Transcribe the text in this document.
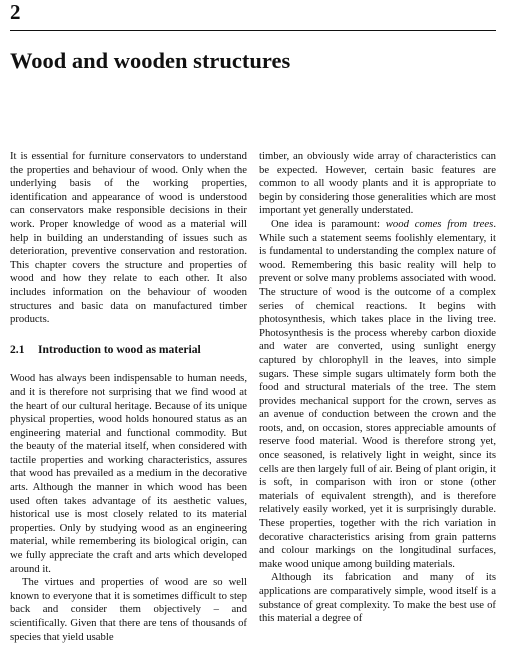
2
Wood and wooden structures

It is essential for furniture conservators to understand the properties and behaviour of wood. Only when the underlying basis of the working properties, identification and appearance of wood is understood can conservators make responsible decisions in their work. Proper knowledge of wood as a material will help in building an understanding of issues such as deterioration, preventive conservation and restoration. This chapter covers the structure and properties of wood and how they relate to each other. It also includes information on the behaviour of wooden structures and basic data on manufactured timber products.

2.1 Introduction to wood as material

Wood has always been indispensable to human needs, and it is therefore not surprising that we find wood at the heart of our cultural heritage. Because of its unique physical properties, wood holds honoured status as an engineering material and functional commodity. But the beauty of the material itself, when considered with tactile properties and working characteristics, assures that wood has prevailed as a medium in the decorative arts. Although the manner in which wood has been used often takes advantage of its aesthetic values, historical use is most closely related to its material properties. Only by studying wood as an engineering material, while remembering its biological origin, can we fully appreciate the craft and arts which developed around it.

The virtues and properties of wood are so well known to everyone that it is sometimes difficult to step back and consider them objectively – and scientifically. Given that there are tens of thousands of species that yield usable

timber, an obviously wide array of characteristics can be expected. However, certain basic features are common to all woody plants and it is appropriate to begin by considering those generalities which are most important yet generally understated.

One idea is paramount: wood comes from trees. While such a statement seems foolishly elementary, it is fundamental to understanding the complex nature of wood. Remembering this basic reality will help to prevent or solve many problems associated with wood. The structure of wood is the outcome of a complex series of chemical reactions. It begins with photosynthesis, which takes place in the living tree. Photosynthesis is the process whereby carbon dioxide and water are converted, using sunlight energy captured by chlorophyll in the leaves, into simple sugars. These simple sugars ultimately form both the food and structural materials of the tree. The stem provides mechanical support for the crown, serves as an avenue of conduction between the crown and the roots, and, on occasion, stores appreciable amounts of reserve food material. Wood is therefore strong yet, once seasoned, is relatively light in weight, since its cells are then largely full of air. Being of plant origin, it is soft, in comparison with iron or stone (other materials of equivalent strength), and is therefore relatively easily worked, yet it is surprisingly durable. These properties, together with the rich variation in decorative characteristics arising from grain patterns and colour markings on the longitudinal surfaces, make wood unique among building materials.

Although its fabrication and many of its applications are comparatively simple, wood itself is a substance of great complexity. To make the best use of this material a degree of
